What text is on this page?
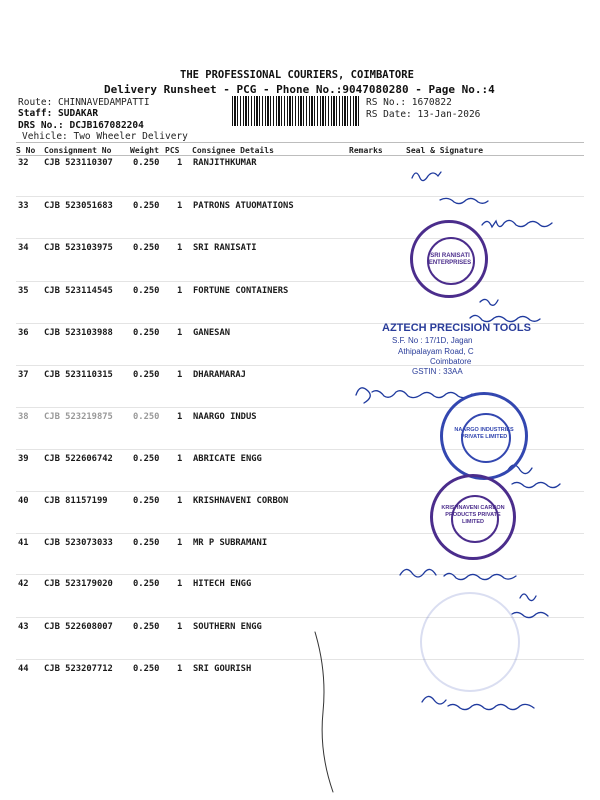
THE PROFESSIONAL COURIERS, COIMBATORE
Delivery Runsheet - PCG - Phone No.:9047080280 - Page No.:4
Route: CHINNAVEDAMPATTI
Staff: SUDAKAR
DRS No.: DCJB167082204
Vehicle: Two Wheeler Delivery
RS No.: 1670822
RS Date: 13-Jan-2026
S No Consignment No Weight PCS Consignee Details	Remarks	Seal & Signature
32 CJB 523110307 0.250 1 RANJITHKUMAR
33 CJB 523051683 0.250 1 PATRONS ATUOMATIONS
34 CJB 523103975 0.250 1 SRI RANISATI
35 CJB 523114545 0.250 1 FORTUNE CONTAINERS
36 CJB 523103988 0.250 1 GANESAN
37 CJB 523110315 0.250 1 DHARAMARAJ
38 CJB 523219875 0.250 1 NAARGO INDUS
39 CJB 522606742 0.250 1 ABRICATE ENGG
40 CJB 81157199	0.250 1 KRISHNAVENI CORBON
41 CJB 523073033 0.250 1 MR P SUBRAMANI
42 CJB 523179020 0.250 1 HITECH ENGG
43 CJB 522608007 0.250 1 SOUTHERN ENGG
44 CJB 523207712 0.250 1 SRI GOURISH
SRI RANISATI ENTERPRISES
AZTECH PRECISION TOOLS
S.F. No : 17/1D, Jagan
Athipalayam Road, C
Coimbatore
GSTIN : 33AA
NAARGO INDUSTRIES PRIVATE LIMITED
KRISHNAVENI CARBON PRODUCTS PRIVATE LIMITED
